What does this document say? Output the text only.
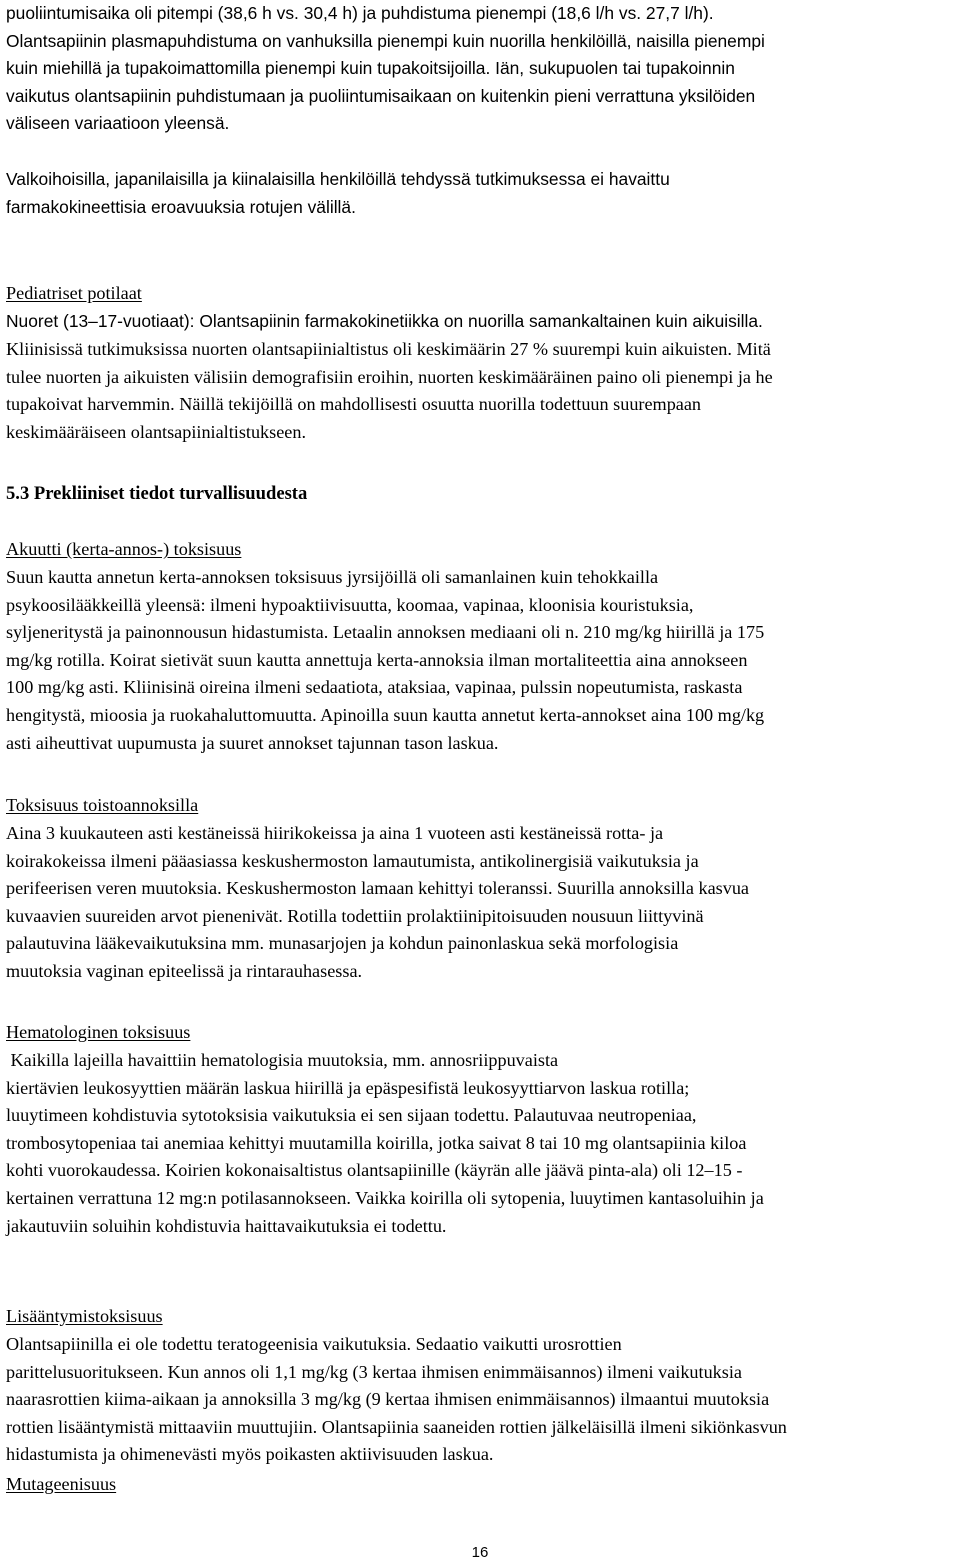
puoliintumisaika oli pitempi (38,6 h vs. 30,4 h) ja puhdistuma pienempi (18,6 l/h vs. 27,7 l/h).
Olantsapiinin plasmapuhdistuma on vanhuksilla pienempi kuin nuorilla henkilöillä, naisilla pienempi
kuin miehillä ja tupakoimattomilla pienempi kuin tupakoitsijoilla. Iän, sukupuolen tai tupakoinnin
vaikutus olantsapiinin puhdistumaan ja puoliintumisaikaan on kuitenkin pieni verrattuna yksilöiden
väliseen variaatioon yleensä.
Valkoihoisilla, japanilaisilla ja kiinalaisilla henkilöillä tehdyssä tutkimuksessa ei havaittu
farmakokineettisia eroavuuksia rotujen välillä.
Pediatriset potilaat
Nuoret (13–17-vuotiaat): Olantsapiinin farmakokinetiikka on nuorilla samankaltainen kuin aikuisilla.
Kliinisissä tutkimuksissa nuorten olantsapiinialtistus oli keskimäärin 27 % suurempi kuin aikuisten. Mitä
tulee nuorten ja aikuisten välisiin demografisiin eroihin, nuorten keskimääräinen paino oli pienempi ja he
tupakoivat harvemmin. Näillä tekijöillä on mahdollisesti osuutta nuorilla todettuun suurempaan
keskimääräiseen olantsapiinialtistukseen.
5.3 Prekliiniset tiedot turvallisuudesta
Akuutti (kerta-annos-) toksisuus
Suun kautta annetun kerta-annoksen toksisuus jyrsijöillä oli samanlainen kuin tehokkailla
psykoosilääkkeillä yleensä: ilmeni hypoaktiivisuutta, koomaa, vapinaa, kloonisia kouristuksia,
syljeneritystä ja painonnousun hidastumista. Letaalin annoksen mediaani oli n. 210 mg/kg hiirillä ja 175
mg/kg rotilla. Koirat sietivät suun kautta annettuja kerta-annoksia ilman mortaliteettia aina annokseen
100 mg/kg asti. Kliinisinä oireina ilmeni sedaatiota, ataksiaa, vapinaa, pulssin nopeutumista, raskasta
hengitystä, mioosia ja ruokahaluttomuutta. Apinoilla suun kautta annetut kerta-annokset aina 100 mg/kg
asti aiheuttivat uupumusta ja suuret annokset tajunnan tason laskua.
Toksisuus toistoannoksilla
Aina 3 kuukauteen asti kestäneissä hiirikokeissa ja aina 1 vuoteen asti kestäneissä rotta- ja
koirakokeissa ilmeni pääasiassa keskushermoston lamautumista, antikolinergisiä vaikutuksia ja
perifeerisen veren muutoksia. Keskushermoston lamaan kehittyi toleranssi. Suurilla annoksilla kasvua
kuvaavien suureiden arvot pienenivät. Rotilla todettiin prolaktiinipitoisuuden nousuun liittyvinä
palautuvina lääkevaikutuksina mm. munasarjojen ja kohdun painonlaskua sekä morfologisia
muutoksia vaginan epiteelissä ja rintarauhasessa.
Hematologinen toksisuus
Kaikilla lajeilla havaittiin hematologisia muutoksia, mm. annosriippuvaista
kiertävien leukosyyttien määrän laskua hiirillä ja epäspesifistä leukosyyttiarvon laskua rotilla;
luuytimeen kohdistuvia sytotoksisia vaikutuksia ei sen sijaan todettu. Palautuvaa neutropeniaa,
trombosytopeniaa tai anemiaa kehittyi muutamilla koirilla, jotka saivat 8 tai 10 mg olantsapiinia kiloa
kohti vuorokaudessa. Koirien kokonaisaltistus olantsapiinille (käyrän alle jäävä pinta-ala) oli 12–15 -
kertainen verrattuna 12 mg:n potilasannokseen. Vaikka koirilla oli sytopenia, luuytimen kantasoluihin ja
jakautuviin soluihin kohdistuvia haittavaikutuksia ei todettu.
Lisääntymistoksisuus
Olantsapiinilla ei ole todettu teratogeenisia vaikutuksia. Sedaatio vaikutti urosrottien
parittelusuoritukseen. Kun annos oli 1,1 mg/kg (3 kertaa ihmisen enimmäisannos) ilmeni vaikutuksia
naarasrottien kiima-aikaan ja annoksilla 3 mg/kg (9 kertaa ihmisen enimmäisannos) ilmaantui muutoksia
rottien lisääntymistä mittaaviin muuttujiin. Olantsapiinia saaneiden rottien jälkeläisillä ilmeni sikiönkasvun
hidastumista ja ohimenevästi myös poikasten aktiivisuuden laskua.
Mutageenisuus
16
